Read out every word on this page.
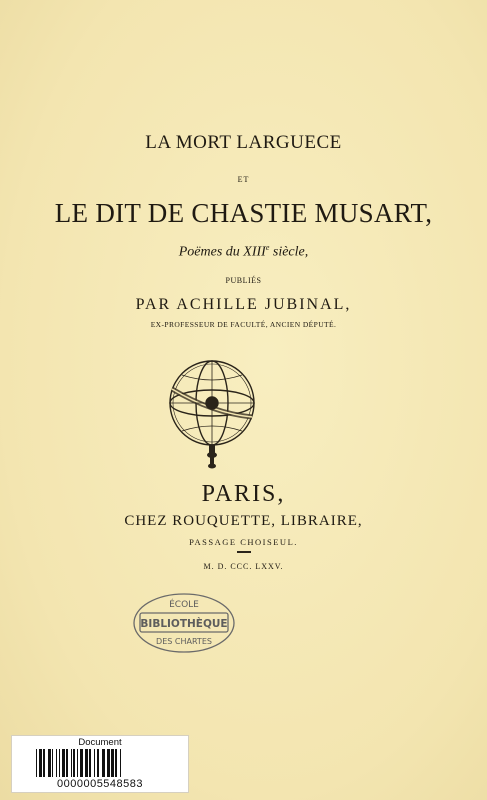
LA MORT LARGUECE
ET
LE DIT DE CHASTIE MUSART,
Poëmes du XIIIe siècle,
PUBLIÉS
PAR ACHILLE JUBINAL,
EX-PROFESSEUR DE FACULTÉ, ANCIEN DÉPUTÉ.
PARIS,
CHEZ ROUQUETTE, LIBRAIRE,
PASSAGE CHOISEUL.
M. D. CCC. LXXV.
ÉCOLE
BIBLIOTHÈQUE
DES CHARTES
Document
0000005548583
